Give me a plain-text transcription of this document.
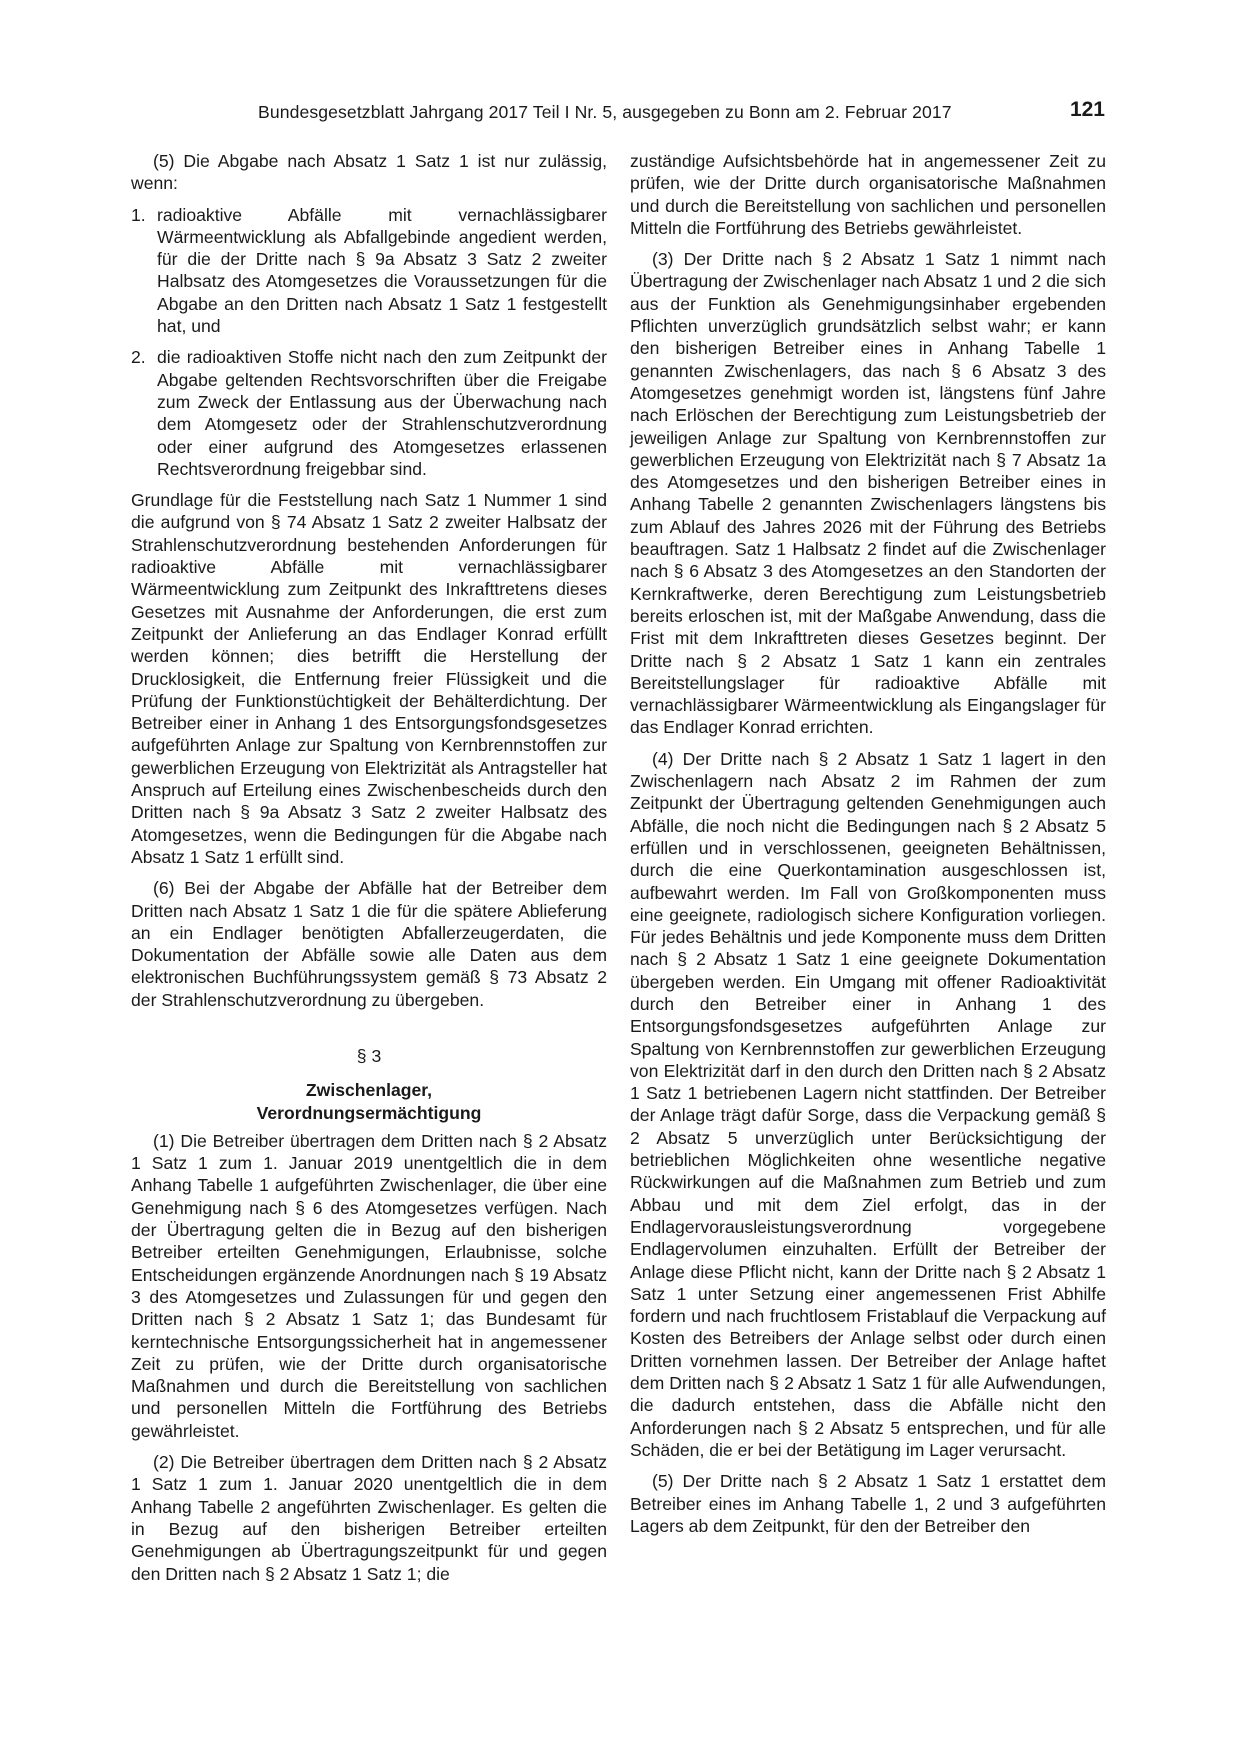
Bundesgesetzblatt Jahrgang 2017 Teil I Nr. 5, ausgegeben zu Bonn am 2. Februar 2017	121

(5) Die Abgabe nach Absatz 1 Satz 1 ist nur zulässig, wenn:

1. radioaktive Abfälle mit vernachlässigbarer Wärmeentwicklung als Abfallgebinde angedient werden, für die der Dritte nach § 9a Absatz 3 Satz 2 zweiter Halbsatz des Atomgesetzes die Voraussetzungen für die Abgabe an den Dritten nach Absatz 1 Satz 1 festgestellt hat, und
2. die radioaktiven Stoffe nicht nach den zum Zeitpunkt der Abgabe geltenden Rechtsvorschriften über die Freigabe zum Zweck der Entlassung aus der Überwachung nach dem Atomgesetz oder der Strahlenschutzverordnung oder einer aufgrund des Atomgesetzes erlassenen Rechtsverordnung freigebbar sind.

Grundlage für die Feststellung nach Satz 1 Nummer 1 sind die aufgrund von § 74 Absatz 1 Satz 2 zweiter Halbsatz der Strahlenschutzverordnung bestehenden Anforderungen für radioaktive Abfälle mit vernachlässigbarer Wärmeentwicklung zum Zeitpunkt des Inkrafttretens dieses Gesetzes mit Ausnahme der Anforderungen, die erst zum Zeitpunkt der Anlieferung an das Endlager Konrad erfüllt werden können; dies betrifft die Herstellung der Drucklosigkeit, die Entfernung freier Flüssigkeit und die Prüfung der Funktionstüchtigkeit der Behälterdichtung. Der Betreiber einer in Anhang 1 des Entsorgungsfondsgesetzes aufgeführten Anlage zur Spaltung von Kernbrennstoffen zur gewerblichen Erzeugung von Elektrizität als Antragsteller hat Anspruch auf Erteilung eines Zwischenbescheids durch den Dritten nach § 9a Absatz 3 Satz 2 zweiter Halbsatz des Atomgesetzes, wenn die Bedingungen für die Abgabe nach Absatz 1 Satz 1 erfüllt sind.

(6) Bei der Abgabe der Abfälle hat der Betreiber dem Dritten nach Absatz 1 Satz 1 die für die spätere Ablieferung an ein Endlager benötigten Abfallerzeugerdaten, die Dokumentation der Abfälle sowie alle Daten aus dem elektronischen Buchführungssystem gemäß § 73 Absatz 2 der Strahlenschutzverordnung zu übergeben.

§ 3
Zwischenlager,
Verordnungsermächtigung

(1) Die Betreiber übertragen dem Dritten nach § 2 Absatz 1 Satz 1 zum 1. Januar 2019 unentgeltlich die in dem Anhang Tabelle 1 aufgeführten Zwischenlager, die über eine Genehmigung nach § 6 des Atomgesetzes verfügen. Nach der Übertragung gelten die in Bezug auf den bisherigen Betreiber erteilten Genehmigungen, Erlaubnisse, solche Entscheidungen ergänzende Anordnungen nach § 19 Absatz 3 des Atomgesetzes und Zulassungen für und gegen den Dritten nach § 2 Absatz 1 Satz 1; das Bundesamt für kerntechnische Entsorgungssicherheit hat in angemessener Zeit zu prüfen, wie der Dritte durch organisatorische Maßnahmen und durch die Bereitstellung von sachlichen und personellen Mitteln die Fortführung des Betriebs gewährleistet.

(2) Die Betreiber übertragen dem Dritten nach § 2 Absatz 1 Satz 1 zum 1. Januar 2020 unentgeltlich die in dem Anhang Tabelle 2 angeführten Zwischenlager. Es gelten die in Bezug auf den bisherigen Betreiber erteilten Genehmigungen ab Übertragungszeitpunkt für und gegen den Dritten nach § 2 Absatz 1 Satz 1; die

zuständige Aufsichtsbehörde hat in angemessener Zeit zu prüfen, wie der Dritte durch organisatorische Maßnahmen und durch die Bereitstellung von sachlichen und personellen Mitteln die Fortführung des Betriebs gewährleistet.

(3) Der Dritte nach § 2 Absatz 1 Satz 1 nimmt nach Übertragung der Zwischenlager nach Absatz 1 und 2 die sich aus der Funktion als Genehmigungsinhaber ergebenden Pflichten unverzüglich grundsätzlich selbst wahr; er kann den bisherigen Betreiber eines in Anhang Tabelle 1 genannten Zwischenlagers, das nach § 6 Absatz 3 des Atomgesetzes genehmigt worden ist, längstens fünf Jahre nach Erlöschen der Berechtigung zum Leistungsbetrieb der jeweiligen Anlage zur Spaltung von Kernbrennstoffen zur gewerblichen Erzeugung von Elektrizität nach § 7 Absatz 1a des Atomgesetzes und den bisherigen Betreiber eines in Anhang Tabelle 2 genannten Zwischenlagers längstens bis zum Ablauf des Jahres 2026 mit der Führung des Betriebs beauftragen. Satz 1 Halbsatz 2 findet auf die Zwischenlager nach § 6 Absatz 3 des Atomgesetzes an den Standorten der Kernkraftwerke, deren Berechtigung zum Leistungsbetrieb bereits erloschen ist, mit der Maßgabe Anwendung, dass die Frist mit dem Inkrafttreten dieses Gesetzes beginnt. Der Dritte nach § 2 Absatz 1 Satz 1 kann ein zentrales Bereitstellungslager für radioaktive Abfälle mit vernachlässigbarer Wärmeentwicklung als Eingangslager für das Endlager Konrad errichten.

(4) Der Dritte nach § 2 Absatz 1 Satz 1 lagert in den Zwischenlagern nach Absatz 2 im Rahmen der zum Zeitpunkt der Übertragung geltenden Genehmigungen auch Abfälle, die noch nicht die Bedingungen nach § 2 Absatz 5 erfüllen und in verschlossenen, geeigneten Behältnissen, durch die eine Querkontamination ausgeschlossen ist, aufbewahrt werden. Im Fall von Großkomponenten muss eine geeignete, radiologisch sichere Konfiguration vorliegen. Für jedes Behältnis und jede Komponente muss dem Dritten nach § 2 Absatz 1 Satz 1 eine geeignete Dokumentation übergeben werden. Ein Umgang mit offener Radioaktivität durch den Betreiber einer in Anhang 1 des Entsorgungsfondsgesetzes aufgeführten Anlage zur Spaltung von Kernbrennstoffen zur gewerblichen Erzeugung von Elektrizität darf in den durch den Dritten nach § 2 Absatz 1 Satz 1 betriebenen Lagern nicht stattfinden. Der Betreiber der Anlage trägt dafür Sorge, dass die Verpackung gemäß § 2 Absatz 5 unverzüglich unter Berücksichtigung der betrieblichen Möglichkeiten ohne wesentliche negative Rückwirkungen auf die Maßnahmen zum Betrieb und zum Abbau und mit dem Ziel erfolgt, das in der Endlagervorausleistungsverordnung vorgegebene Endlagervolumen einzuhalten. Erfüllt der Betreiber der Anlage diese Pflicht nicht, kann der Dritte nach § 2 Absatz 1 Satz 1 unter Setzung einer angemessenen Frist Abhilfe fordern und nach fruchtlosem Fristablauf die Verpackung auf Kosten des Betreibers der Anlage selbst oder durch einen Dritten vornehmen lassen. Der Betreiber der Anlage haftet dem Dritten nach § 2 Absatz 1 Satz 1 für alle Aufwendungen, die dadurch entstehen, dass die Abfälle nicht den Anforderungen nach § 2 Absatz 5 entsprechen, und für alle Schäden, die er bei der Betätigung im Lager verursacht.

(5) Der Dritte nach § 2 Absatz 1 Satz 1 erstattet dem Betreiber eines im Anhang Tabelle 1, 2 und 3 aufgeführten Lagers ab dem Zeitpunkt, für den der Betreiber den
